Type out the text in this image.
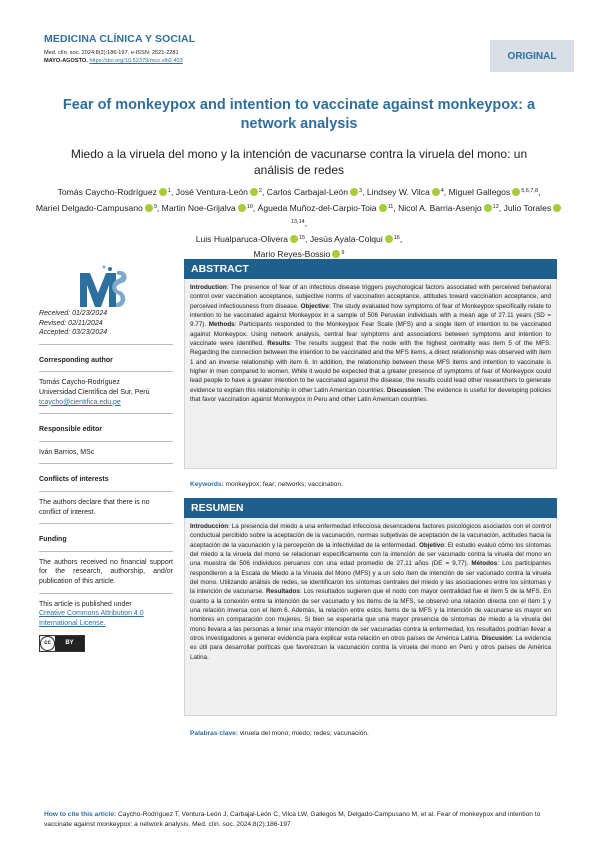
MEDICINA CLÍNICA Y SOCIAL
Med. clín. soc. 2024;8(2):186-197. e-ISSN: 2521-2281
MAYO-AGOSTO. https://doi.org/10.52379/mcs.v8i2.403	ORIGINAL
Fear of monkeypox and intention to vaccinate against monkeypox: a network analysis
Miedo a la viruela del mono y la intención de vacunarse contra la viruela del mono: un análisis de redes
Tomás Caycho-Rodríguez $^1$, José Ventura-León $^2$, Carlos Carbajal-León $^3$, Lindsey W. Vilca $^4$, Miguel Gallegos $^{5,6,7,8}$,
Mariel Delgado-Campusano $^9$, Martin Noe-Grijalva $^{10}$, Águeda Muñoz-del-Carpio-Toia $^{11}$, Nicol A. Barria-Asenjo $^{12}$, Julio Torales$^{13,14}$,
Luis Hualparuca-Olivera $^{15}$, Jesús Ayala-Colqui $^{16}$,
Mario Reyes-Bossio $^9$
Received: 01/23/2024
Revised: 02/11/2024
Accepted: 03/23/2024
Corresponding author
Tomás Caycho-Rodríguez
Universidad Científica del Sur, Perú
tcaycho@cientifica.edu.pe
Responsible editor
Iván Barrios, MSc
Conflicts of interests
The authors declare that there is no conflict of interest.
Funding
The authors received no financial support for the research, authorship, and/or publication of this article.
This article is published under
Creative Commons Attribution 4.0 International License.
cc	BY
ABSTRACT
Introduction: The presence of fear of an infectious disease triggers psychological factors associated with perceived behavioral control over vaccination acceptance, subjective norms of vaccination acceptance, attitudes toward vaccination acceptance, and perceived infectiousness from disease. Objective: The study evaluated how symptoms of fear of Monkeypox specifically relate to intention to be vaccinated against Monkeypox in a sample of 506 Peruvian individuals with a mean age of 27.11 years (SD = 9.77). Methods: Participants responded to the Monkeypox Fear Scale (MFS) and a single item of intention to be vaccinated against Monkeypox. Using network analysis, central fear symptoms and associations between symptoms and intention to vaccinate were identified. Results: The results suggest that the node with the highest centrality was item 5 of the MFS. Regarding the connection between the intention to be vaccinated and the MFS items, a direct relationship was observed with item 1 and an inverse relationship with item 6. In addition, the relationship between these MFS items and intention to vaccinate is higher in men compared to women. While it would be expected that a greater presence of symptoms of fear of Monkeypox could lead people to have a greater intention to be vaccinated against the disease, the results could lead other researchers to generate evidence to explain this relationship in other Latin American countries. Discussion: The evidence is useful for developing policies that favor vaccination against Monkeypox in Peru and other Latin American countries.
Keywords: monkeypox; fear; networks; vaccination.
RESUMEN
Introducción: La presencia del miedo a una enfermedad infecciosa desencadena factores psicológicos asociados con el control conductual percibido sobre la aceptación de la vacunación, normas subjetivas de aceptación de la vacunación, actitudes hacia la aceptación de la vacunación y la percepción de la infectividad de la enfermedad. Objetivo: El estudio evaluó cómo los síntomas del miedo a la viruela del mono se relacionan específicamente con la intención de ser vacunado contra la viruela del mono en una muestra de 506 individuos peruanos con una edad promedio de 27,11 años (DE = 9,77). Métodos: Los participantes respondieron a la Escala de Miedo a la Viruela del Mono (MFS) y a un solo ítem de intención de ser vacunado contra la viruela del mono. Utilizando análisis de redes, se identificaron los síntomas centrales del miedo y las asociaciones entre los síntomas y la intención de vacunarse. Resultados: Los resultados sugieren que el nodo con mayor centralidad fue el ítem 5 de la MFS. En cuanto a la conexión entre la intención de ser vacunado y los ítems de la MFS, se observó una relación directa con el ítem 1 y una relación inversa con el ítem 6. Además, la relación entre estos ítems de la MFS y la intención de vacunarse es mayor en hombres en comparación con mujeres. Si bien se esperaría que una mayor presencia de síntomas de miedo a la viruela del mono llevara a las personas a tener una mayor intención de ser vacunadas contra la enfermedad, los resultados podrían llevar a otros investigadores a generar evidencia para explicar esta relación en otros países de América Latina. Discusión: La evidencia es útil para desarrollar políticas que favorezcan la vacunación contra la viruela del mono en Perú y otros países de América Latina.
Palabras clave: viruela del mono; miedo; redes; vacunación.
How to cite this article: Caycho-Rodríguez T, Ventura-León J, Carbajal-León C, Vilca LW, Gallegos M, Delgado-Campusano M, et al. Fear of monkeypox and intention to vaccinate against monkeypox: a network analysis. Med. clín. soc. 2024;8(2):186-197
